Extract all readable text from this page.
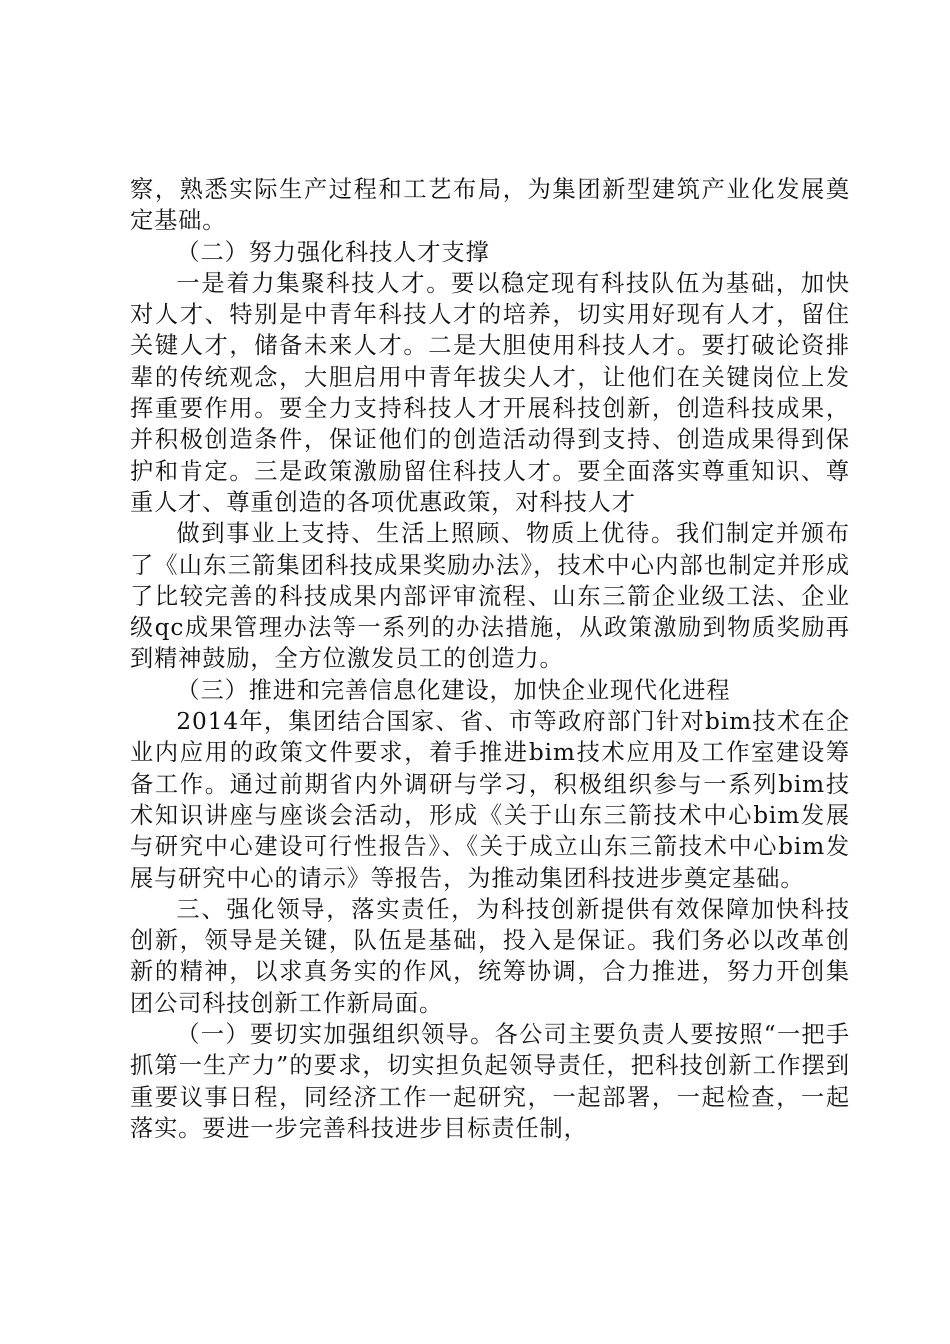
察，熟悉实际生产过程和工艺布局，为集团新型建筑产业化发展奠定基础。

（二）努力强化科技人才支撑

一是着力集聚科技人才。要以稳定现有科技队伍为基础，加快对人才、特别是中青年科技人才的培养，切实用好现有人才，留住关键人才，储备未来人才。二是大胆使用科技人才。要打破论资排辈的传统观念，大胆启用中青年拔尖人才，让他们在关键岗位上发挥重要作用。要全力支持科技人才开展科技创新，创造科技成果，并积极创造条件，保证他们的创造活动得到支持、创造成果得到保护和肯定。三是政策激励留住科技人才。要全面落实尊重知识、尊重人才、尊重创造的各项优惠政策，对科技人才

做到事业上支持、生活上照顾、物质上优待。我们制定并颁布了《山东三箭集团科技成果奖励办法》，技术中心内部也制定并形成了比较完善的科技成果内部评审流程、山东三箭企业级工法、企业级qc成果管理办法等一系列的办法措施，从政策激励到物质奖励再到精神鼓励，全方位激发员工的创造力。

（三）推进和完善信息化建设，加快企业现代化进程

2014年，集团结合国家、省、市等政府部门针对bim技术在企业内应用的政策文件要求，着手推进bim技术应用及工作室建设筹备工作。通过前期省内外调研与学习，积极组织参与一系列bim技术知识讲座与座谈会活动，形成《关于山东三箭技术中心bim发展与研究中心建设可行性报告》、《关于成立山东三箭技术中心bim发展与研究中心的请示》等报告，为推动集团科技进步奠定基础。

三、强化领导，落实责任，为科技创新提供有效保障加快科技创新，领导是关键，队伍是基础，投入是保证。我们务必以改革创新的精神，以求真务实的作风，统筹协调，合力推进，努力开创集团公司科技创新工作新局面。

（一）要切实加强组织领导。各公司主要负责人要按照“一把手抓第一生产力”的要求，切实担负起领导责任，把科技创新工作摆到重要议事日程，同经济工作一起研究，一起部署，一起检查，一起落实。要进一步完善科技进步目标责任制，
